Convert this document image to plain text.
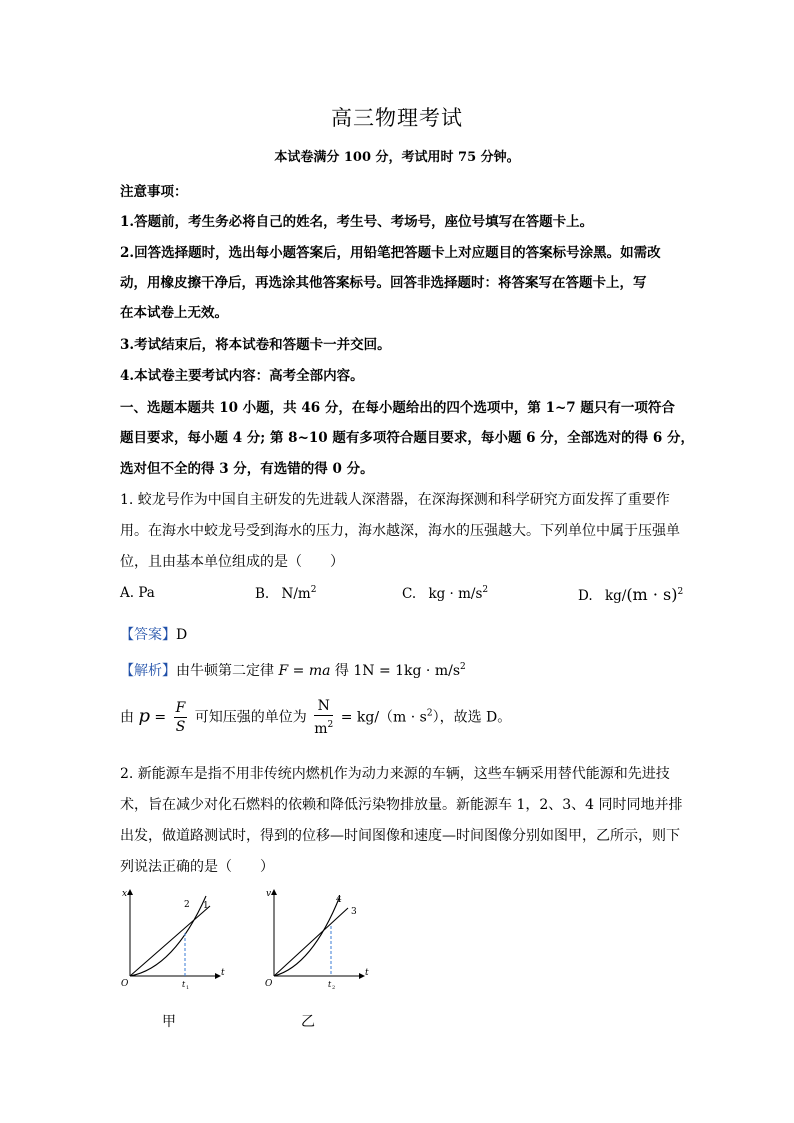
高三物理考试
本试卷满分 100 分，考试用时 75 分钟。
注意事项：
1.答题前，考生务必将自己的姓名，考生号、考场号，座位号填写在答题卡上。
2.回答选择题时，选出每小题答案后，用铅笔把答题卡上对应题目的答案标号涂黑。如需改
动，用橡皮擦干净后，再选涂其他答案标号。回答非选择题时：将答案写在答题卡上，写
在本试卷上无效。
3.考试结束后，将本试卷和答题卡一并交回。
4.本试卷主要考试内容：高考全部内容。
一、选题本题共 10 小题，共 46 分，在每小题给出的四个选项中，第 1~7 题只有一项符合
题目要求，每小题 4 分; 第 8~10 题有多项符合题目要求，每小题 6 分，全部选对的得 6 分，
选对但不全的得 3 分，有选错的得 0 分。
1. 蛟龙号作为中国自主研发的先进载人深潜器，在深海探测和科学研究方面发挥了重要作
用。在海水中蛟龙号受到海水的压力，海水越深，海水的压强越大。下列单位中属于压强单
位，且由基本单位组成的是（　　）
A. Pa	B. $N/m^2$	C. kg · $m/s^2$	D. $kg/(m \cdot s)^2$
【答案】D
【解析】由牛顿第二定律 F = ma 得 $1N = 1kg \cdot m/s^2$
由 $p = \frac{F}{S}$ 可知压强的单位为 $\frac{N}{m^2} = kg/(m \cdot s^2)$，故选 D。
2. 新能源车是指不用非传统内燃机作为动力来源的车辆，这些车辆采用替代能源和先进技
术，旨在减少对化石燃料的依赖和降低污染物排放量。新能源车 1，2、3、4 同时同地并排
出发，做道路测试时，得到的位移—时间图像和速度—时间图像分别如图甲，乙所示，则下
列说法正确的是（　　）
x
t
O	t 1
2 1
v
t
O	t 2
4
3
甲	乙
